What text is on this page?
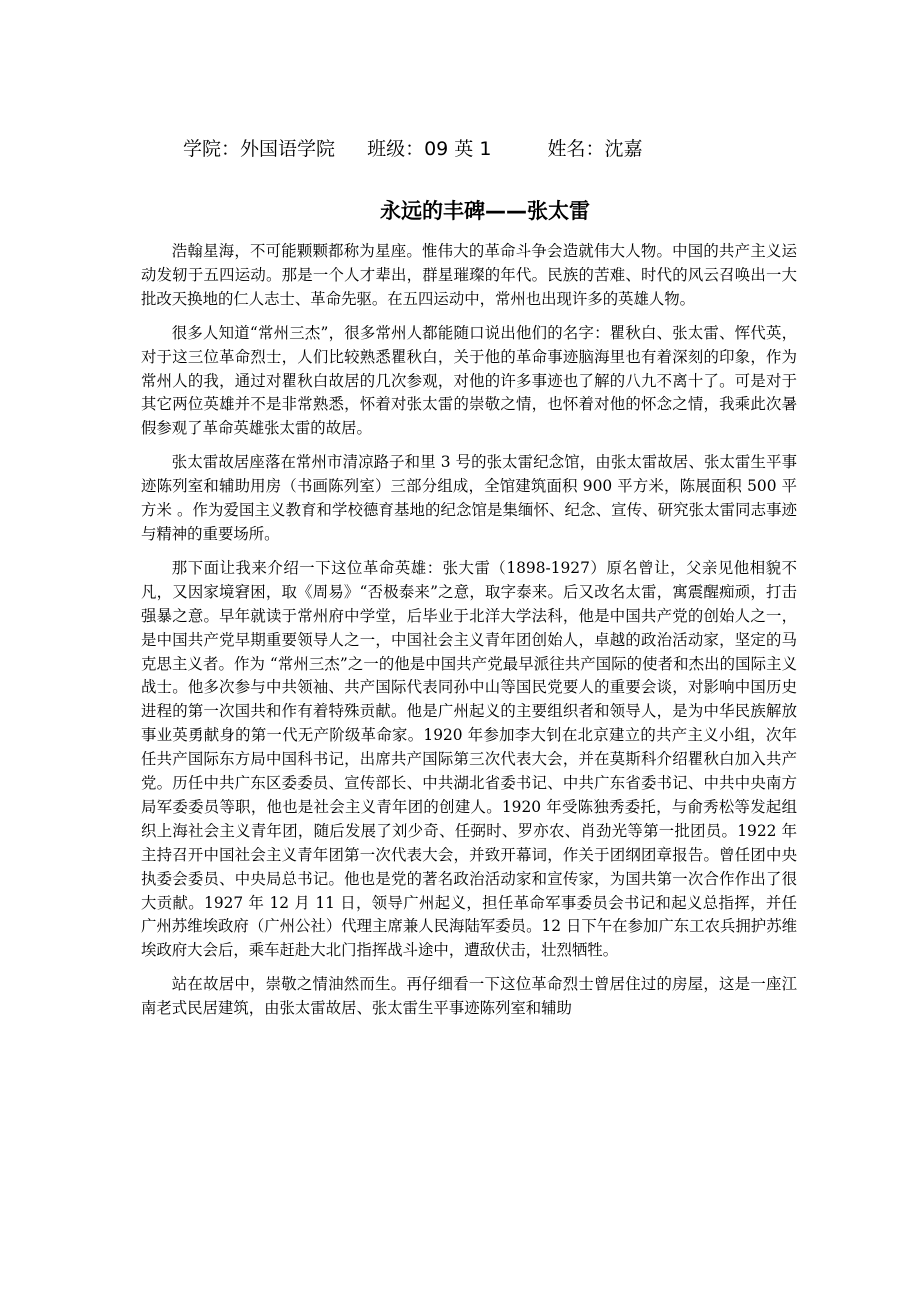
学院：外国语学院 班级：09 英 1	姓名：沈嘉
永远的丰碑——张太雷

浩翰星海，不可能颗颗都称为星座。惟伟大的革命斗争会造就伟大人物。中国的共产主义运动发轫于五四运动。那是一个人才辈出，群星璀璨的年代。民族的苦难、时代的风云召唤出一大批改天换地的仁人志士、革命先驱。在五四运动中，常州也出现许多的英雄人物。

很多人知道“常州三杰”，很多常州人都能随口说出他们的名字：瞿秋白、张太雷、恽代英，对于这三位革命烈士，人们比较熟悉瞿秋白，关于他的革命事迹脑海里也有着深刻的印象，作为常州人的我，通过对瞿秋白故居的几次参观，对他的许多事迹也了解的八九不离十了。可是对于其它两位英雄并不是非常熟悉，怀着对张太雷的崇敬之情，也怀着对他的怀念之情，我乘此次暑假参观了革命英雄张太雷的故居。

张太雷故居座落在常州市清凉路子和里 3 号的张太雷纪念馆，由张太雷故居、张太雷生平事迹陈列室和辅助用房（书画陈列室）三部分组成，全馆建筑面积 900 平方米，陈展面积 500 平方米 。作为爱国主义教育和学校德育基地的纪念馆是集缅怀、纪念、宣传、研究张太雷同志事迹与精神的重要场所。

那下面让我来介绍一下这位革命英雄：张大雷（1898-1927）原名曾让，父亲见他相貌不凡，又因家境窘困，取《周易》“否极泰来”之意，取字泰来。后又改名太雷，寓震醒痴顽，打击强暴之意。早年就读于常州府中学堂，后毕业于北洋大学法科，他是中国共产党的创始人之一，是中国共产党早期重要领导人之一，中国社会主义青年团创始人，卓越的政治活动家，坚定的马克思主义者。作为 “常州三杰”之一的他是中国共产党最早派往共产国际的使者和杰出的国际主义战士。他多次参与中共领袖、共产国际代表同孙中山等国民党要人的重要会谈，对影响中国历史进程的第一次国共和作有着特殊贡献。他是广州起义的主要组织者和领导人，是为中华民族解放事业英勇献身的第一代无产阶级革命家。1920 年参加李大钊在北京建立的共产主义小组，次年任共产国际东方局中国科书记，出席共产国际第三次代表大会，并在莫斯科介绍瞿秋白加入共产党。历任中共广东区委委员、宣传部长、中共湖北省委书记、中共广东省委书记、中共中央南方局军委委员等职，他也是社会主义青年团的创建人。1920 年受陈独秀委托，与俞秀松等发起组织上海社会主义青年团，随后发展了刘少奇、任弼时、罗亦农、肖劲光等第一批团员。1922 年主持召开中国社会主义青年团第一次代表大会，并致开幕词，作关于团纲团章报告。曾任团中央执委会委员、中央局总书记。他也是党的著名政治活动家和宣传家，为国共第一次合作作出了很大贡献。1927 年 12 月 11 日，领导广州起义，担任革命军事委员会书记和起义总指挥，并任广州苏维埃政府（广州公社）代理主席兼人民海陆军委员。12 日下午在参加广东工农兵拥护苏维埃政府大会后，乘车赶赴大北门指挥战斗途中，遭敌伏击，壮烈牺牲。

站在故居中，崇敬之情油然而生。再仔细看一下这位革命烈士曾居住过的房屋，这是一座江南老式民居建筑，由张太雷故居、张太雷生平事迹陈列室和辅助
